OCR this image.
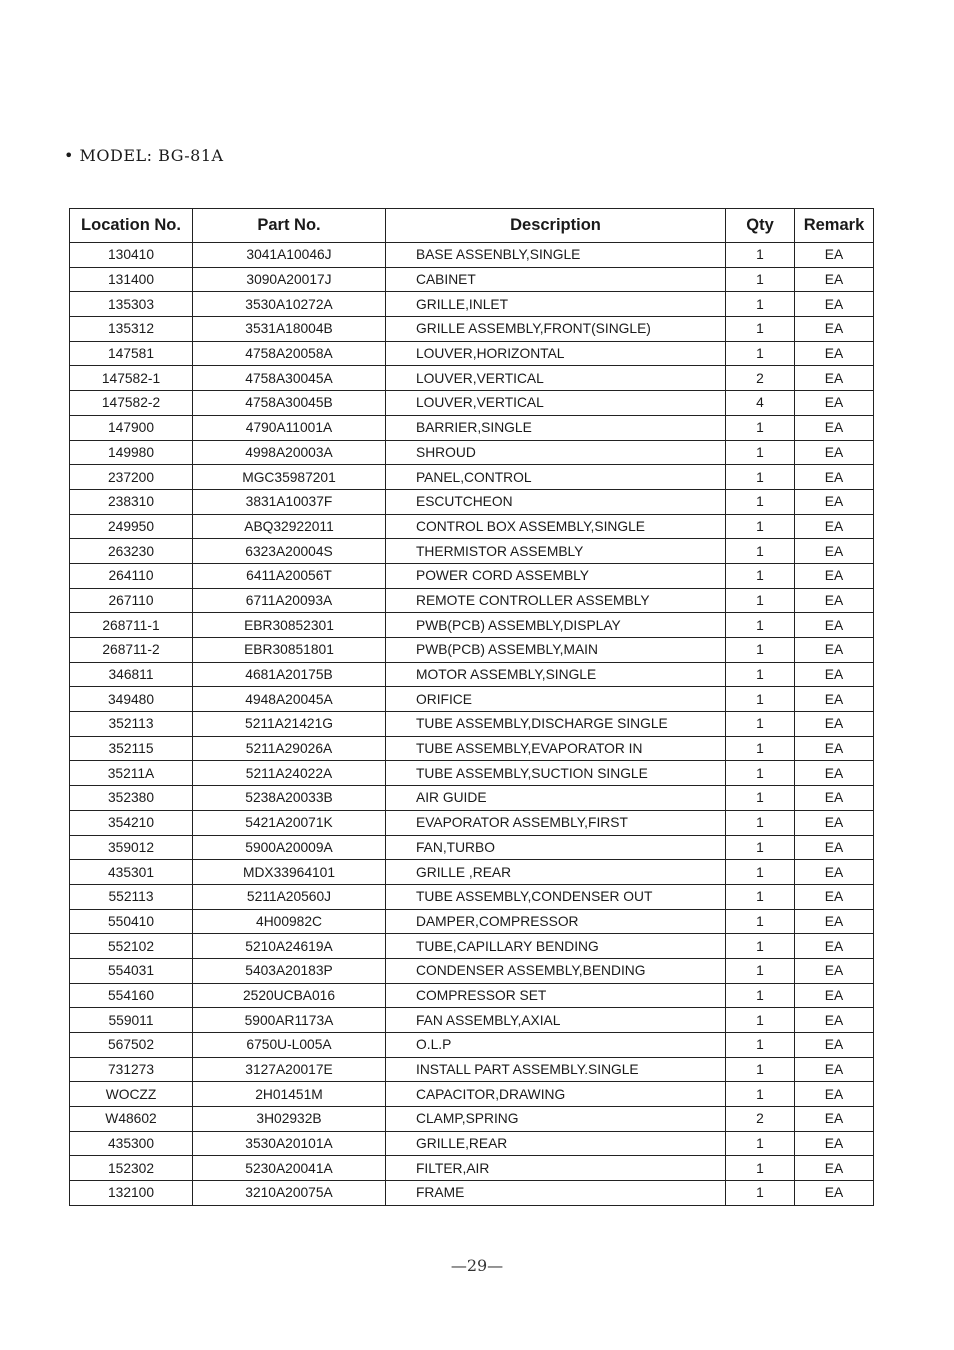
• MODEL: BG-81A
Location No.	Part No.	Description	Qty	Remark
130410	3041A10046J	BASE ASSENBLY,SINGLE	1	EA
131400	3090A20017J	CABINET	1	EA
135303	3530A10272A	GRILLE,INLET	1	EA
135312	3531A18004B	GRILLE ASSEMBLY,FRONT(SINGLE)	1	EA
147581	4758A20058A	LOUVER,HORIZONTAL	1	EA
147582-1	4758A30045A	LOUVER,VERTICAL	2	EA
147582-2	4758A30045B	LOUVER,VERTICAL	4	EA
147900	4790A11001A	BARRIER,SINGLE	1	EA
149980	4998A20003A	SHROUD	1	EA
237200	MGC35987201	PANEL,CONTROL	1	EA
238310	3831A10037F	ESCUTCHEON	1	EA
249950	ABQ32922011	CONTROL BOX ASSEMBLY,SINGLE	1	EA
263230	6323A20004S	THERMISTOR ASSEMBLY	1	EA
264110	6411A20056T	POWER CORD ASSEMBLY	1	EA
267110	6711A20093A	REMOTE CONTROLLER ASSEMBLY	1	EA
268711-1	EBR30852301	PWB(PCB) ASSEMBLY,DISPLAY	1	EA
268711-2	EBR30851801	PWB(PCB) ASSEMBLY,MAIN	1	EA
346811	4681A20175B	MOTOR ASSEMBLY,SINGLE	1	EA
349480	4948A20045A	ORIFICE	1	EA
352113	5211A21421G	TUBE ASSEMBLY,DISCHARGE SINGLE	1	EA
352115	5211A29026A	TUBE ASSEMBLY,EVAPORATOR IN	1	EA
35211A	5211A24022A	TUBE ASSEMBLY,SUCTION SINGLE	1	EA
352380	5238A20033B	AIR GUIDE	1	EA
354210	5421A20071K	EVAPORATOR ASSEMBLY,FIRST	1	EA
359012	5900A20009A	FAN,TURBO	1	EA
435301	MDX33964101	GRILLE ,REAR	1	EA
552113	5211A20560J	TUBE ASSEMBLY,CONDENSER OUT	1	EA
550410	4H00982C	DAMPER,COMPRESSOR	1	EA
552102	5210A24619A	TUBE,CAPILLARY BENDING	1	EA
554031	5403A20183P	CONDENSER ASSEMBLY,BENDING	1	EA
554160	2520UCBA016	COMPRESSOR SET	1	EA
559011	5900AR1173A	FAN ASSEMBLY,AXIAL	1	EA
567502	6750U-L005A	O.L.P	1	EA
731273	3127A20017E	INSTALL PART ASSEMBLY.SINGLE	1	EA
WOCZZ	2H01451M	CAPACITOR,DRAWING	1	EA
W48602	3H02932B	CLAMP,SPRING	2	EA
435300	3530A20101A	GRILLE,REAR	1	EA
152302	5230A20041A	FILTER,AIR	1	EA
132100	3210A20075A	FRAME	1	EA
—29—
